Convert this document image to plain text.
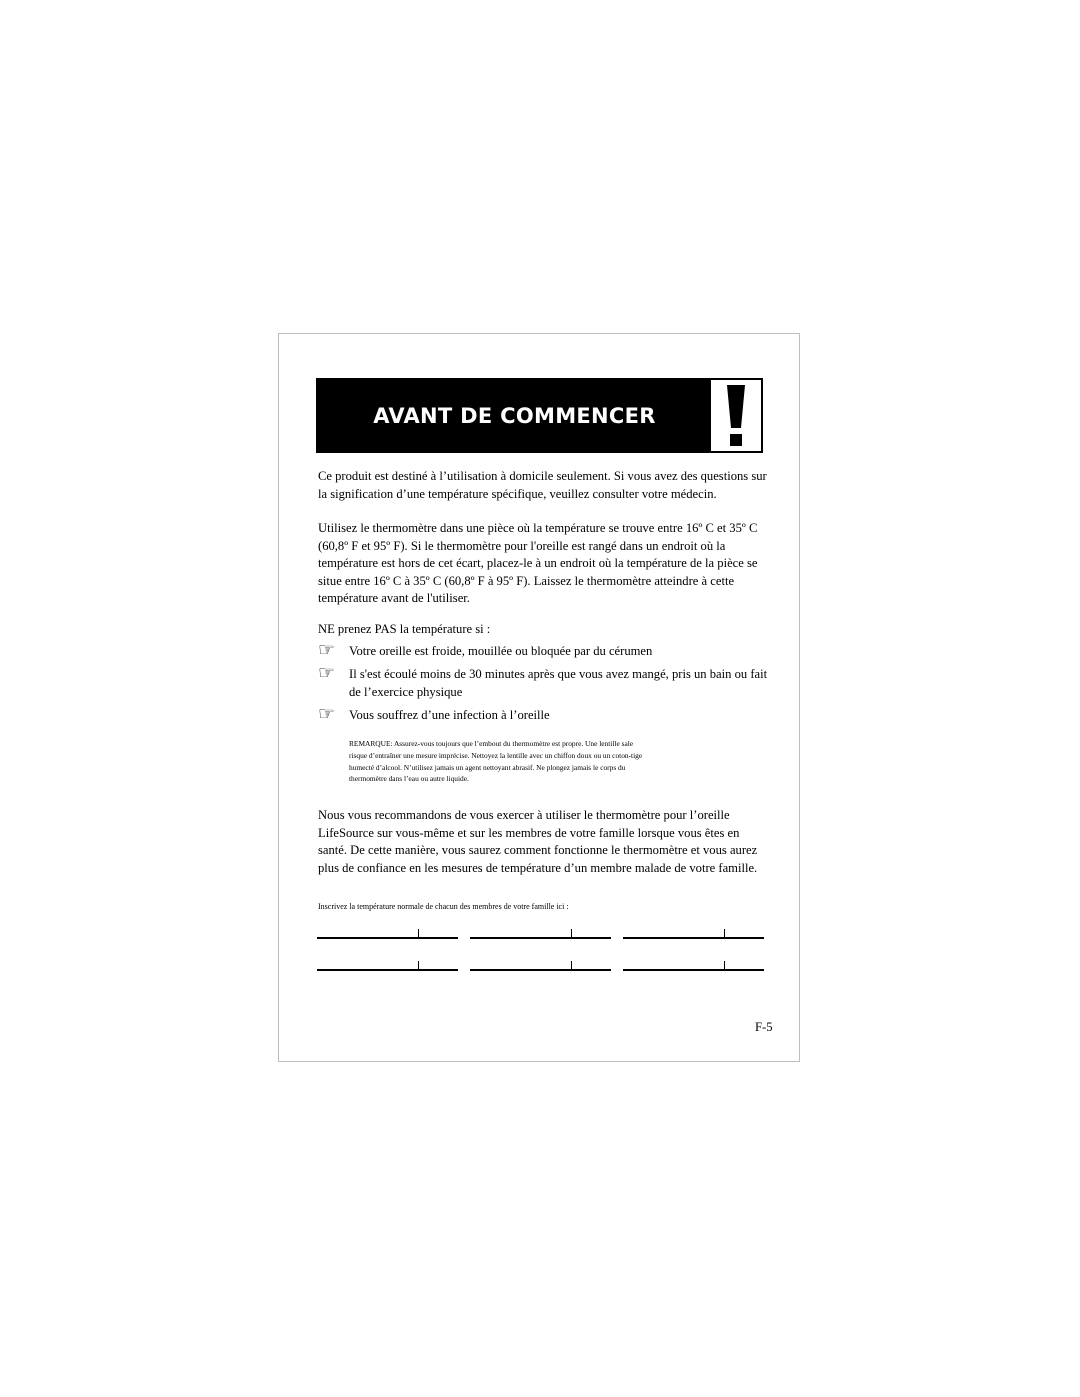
AVANT DE COMMENCER

Ce produit est destiné à l’utilisation à domicile seulement. Si vous avez des questions sur la signification d’une température spécifique, veuillez consulter votre médecin.

Utilisez le thermomètre dans une pièce où la température se trouve entre 16º C et 35º C (60,8º F et 95º F). Si le thermomètre pour l'oreille est rangé dans un endroit où la température est hors de cet écart, placez-le à un endroit où la température de la pièce se situe entre 16º C à 35º C (60,8º F à 95º F). Laissez le thermomètre atteindre à cette température avant de l'utiliser.

NE prenez PAS la température si :

☞	Votre oreille est froide, mouillée ou bloquée par du cérumen
☞	Il s'est écoulé moins de 30 minutes après que vous avez mangé, pris un bain ou fait de l’exercice physique
☞	Vous souffrez d’une infection à l’oreille
REMARQUE: Assurez-vous toujours que l’embout du thermomètre est propre. Une lentille sale
risque d’entraîner une mesure imprécise. Nettoyez la lentille avec un chiffon doux ou un coton-tige
humecté d’alcool. N’utilisez jamais un agent nettoyant abrasif. Ne plongez jamais le corps du
thermomètre dans l’eau ou autre liquide.

Nous vous recommandons de vous exercer à utiliser le thermomètre pour l’oreille LifeSource sur vous-même et sur les membres de votre famille lorsque vous êtes en santé. De cette manière, vous saurez comment fonctionne le thermomètre et vous aurez plus de confiance en les mesures de température d’un membre malade de votre famille.

Inscrivez la température normale de chacun des membres de votre famille ici :

F-5
